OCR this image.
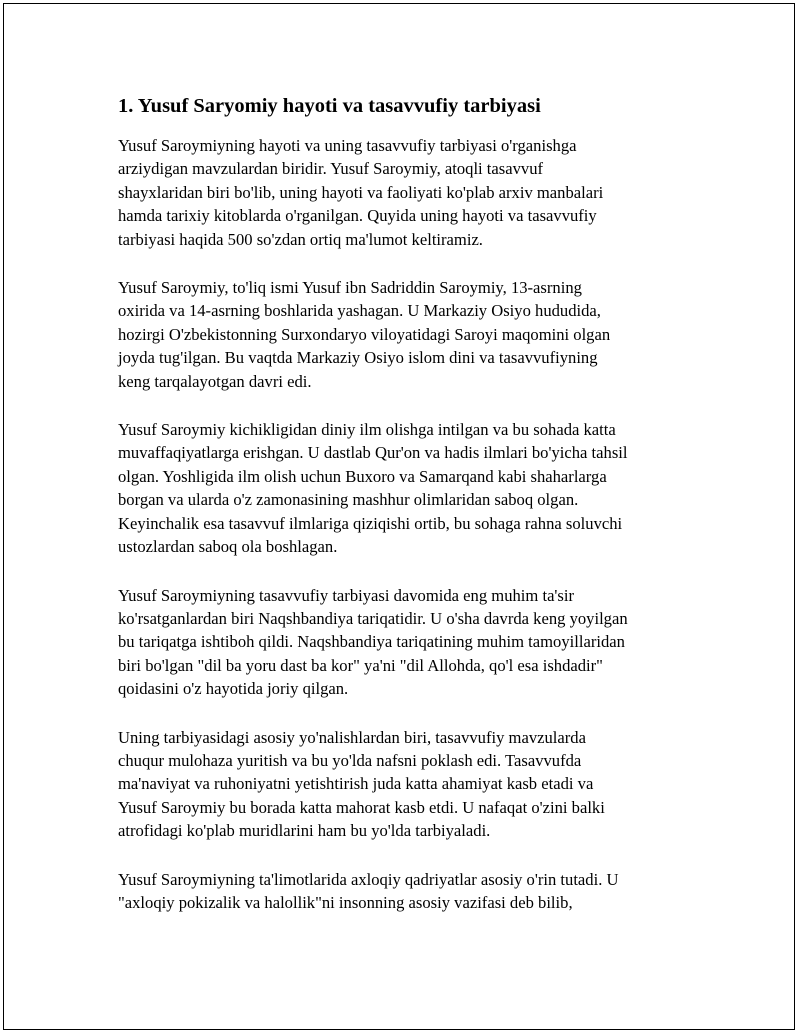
1. Yusuf Saryomiy hayoti va tasavvufiy tarbiyasi
Yusuf Saroymiyning hayoti va uning tasavvufiy tarbiyasi o'rganishga
arziydigan mavzulardan biridir. Yusuf Saroymiy, atoqli tasavvuf
shayxlaridan biri bo'lib, uning hayoti va faoliyati ko'plab arxiv manbalari
hamda tarixiy kitoblarda o'rganilgan. Quyida uning hayoti va tasavvufiy
tarbiyasi haqida 500 so'zdan ortiq ma'lumot keltiramiz.
Yusuf Saroymiy, to'liq ismi Yusuf ibn Sadriddin Saroymiy, 13-asrning
oxirida va 14-asrning boshlarida yashagan. U Markaziy Osiyo hududida,
hozirgi O'zbekistonning Surxondaryo viloyatidagi Saroyi maqomini olgan
joyda tug'ilgan. Bu vaqtda Markaziy Osiyo islom dini va tasavvufiyning
keng tarqalayotgan davri edi.
Yusuf Saroymiy kichikligidan diniy ilm olishga intilgan va bu sohada katta
muvaffaqiyatlarga erishgan. U dastlab Qur'on va hadis ilmlari bo'yicha tahsil
olgan. Yoshligida ilm olish uchun Buxoro va Samarqand kabi shaharlarga
borgan va ularda o'z zamonasining mashhur olimlaridan saboq olgan.
Keyinchalik esa tasavvuf ilmlariga qiziqishi ortib, bu sohaga rahna soluvchi
ustozlardan saboq ola boshlagan.
Yusuf Saroymiyning tasavvufiy tarbiyasi davomida eng muhim ta'sir
ko'rsatganlardan biri Naqshbandiya tariqatidir. U o'sha davrda keng yoyilgan
bu tariqatga ishtiboh qildi. Naqshbandiya tariqatining muhim tamoyillaridan
biri bo'lgan "dil ba yoru dast ba kor" ya'ni "dil Allohda, qo'l esa ishdadir"
qoidasini o'z hayotida joriy qilgan.
Uning tarbiyasidagi asosiy yo'nalishlardan biri, tasavvufiy mavzularda
chuqur mulohaza yuritish va bu yo'lda nafsni poklash edi. Tasavvufda
ma'naviyat va ruhoniyatni yetishtirish juda katta ahamiyat kasb etadi va
Yusuf Saroymiy bu borada katta mahorat kasb etdi. U nafaqat o'zini balki
atrofidagi ko'plab muridlarini ham bu yo'lda tarbiyaladi.
Yusuf Saroymiyning ta'limotlarida axloqiy qadriyatlar asosiy o'rin tutadi. U
"axloqiy pokizalik va halollik"ni insonning asosiy vazifasi deb bilib,
